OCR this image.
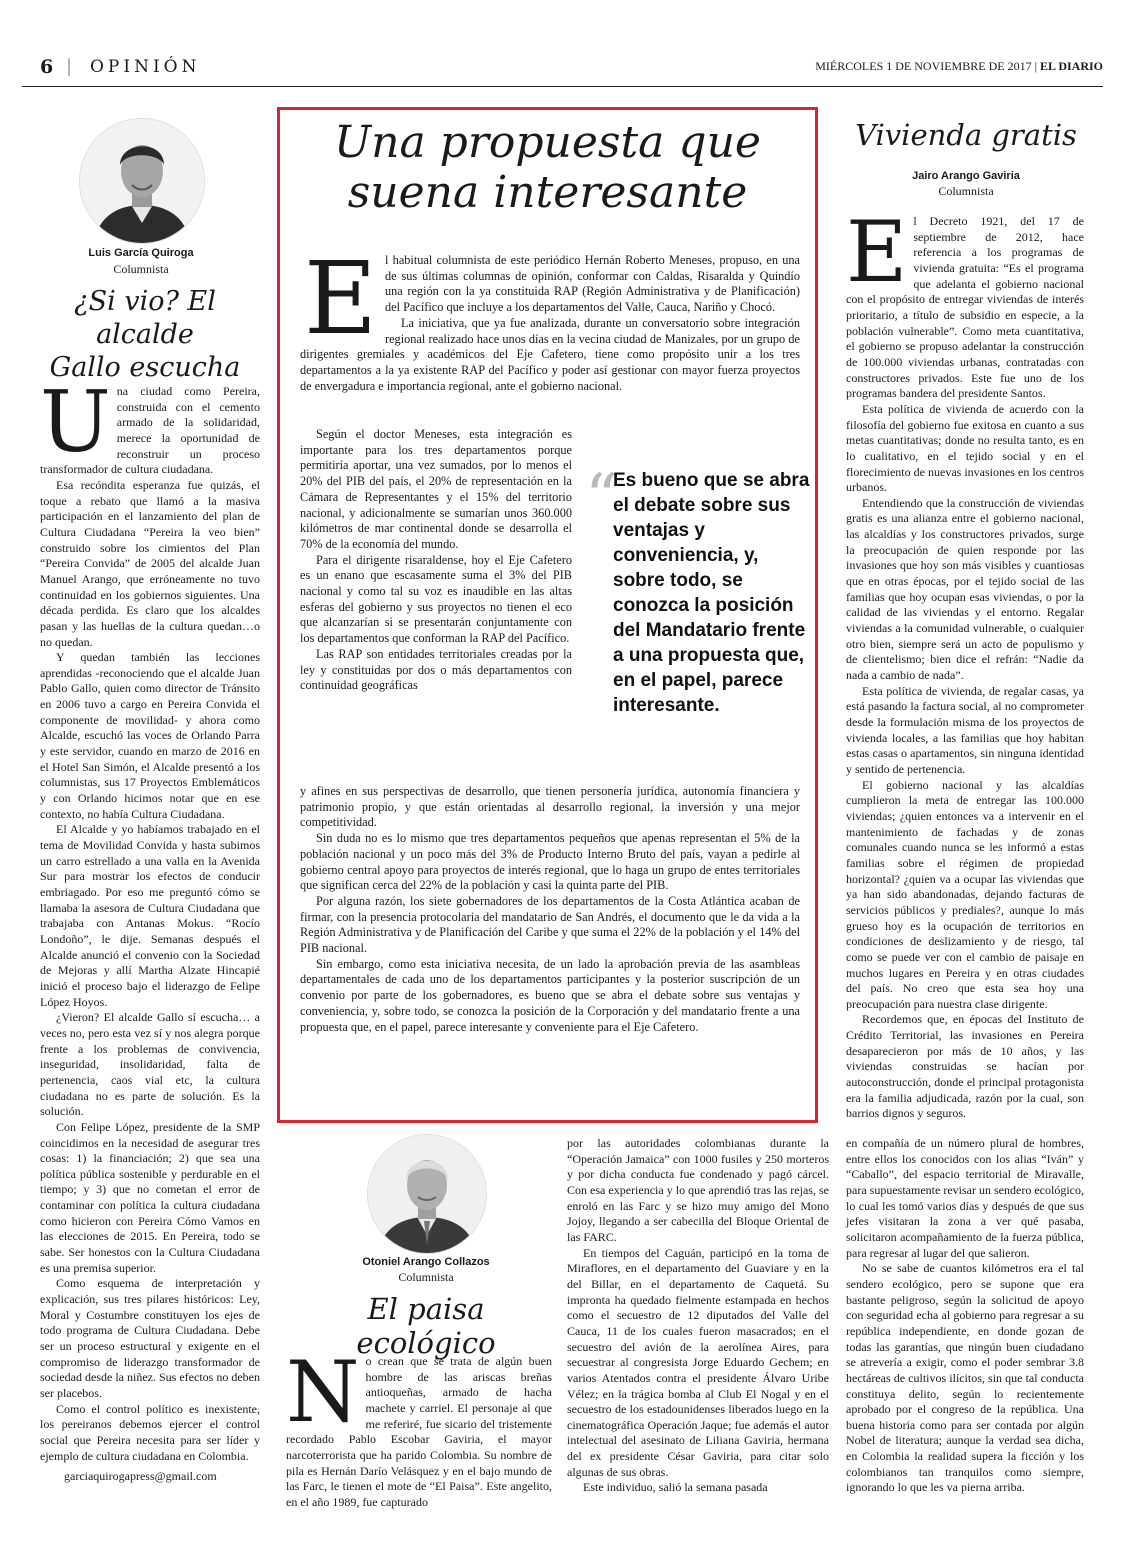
6 | OPINIÓN	MIÉRCOLES 1 DE NOVIEMBRE DE 2017 | EL DIARIO
Luis García Quiroga
Columnista
¿Si vio? El alcalde
Gallo escucha

Una ciudad como Pereira, construida con el cemento armado de la solidaridad, merece la oportunidad de reconstruir un proceso transformador de cultura ciudadana.

Esa recóndita esperanza fue quizás, el toque a rebato que llamó a la masiva participación en el lanzamiento del plan de Cultura Ciudadana “Pereira la veo bien” construido sobre los cimientos del Plan “Pereira Convida” de 2005 del alcalde Juan Manuel Arango, que erróneamente no tuvo continuidad en los gobiernos siguientes. Una década perdida. Es claro que los alcaldes pasan y las huellas de la cultura quedan…o no quedan.

Y quedan también las lecciones aprendidas -reconociendo que el alcalde Juan Pablo Gallo, quien como director de Tránsito en 2006 tuvo a cargo en Pereira Convida el componente de movilidad- y ahora como Alcalde, escuchó las voces de Orlando Parra y este servidor, cuando en marzo de 2016 en el Hotel San Simón, el Alcalde presentó a los columnistas, sus 17 Proyectos Emblemáticos y con Orlando hicimos notar que en ese contexto, no había Cultura Ciudadana.

El Alcalde y yo habíamos trabajado en el tema de Movilidad Convida y hasta subimos un carro estrellado a una valla en la Avenida Sur para mostrar los efectos de conducir embriagado. Por eso me preguntó cómo se llamaba la asesora de Cultura Ciudadana que trabajaba con Antanas Mokus. “Rocío Londoño”, le dije. Semanas después el Alcalde anunció el convenio con la Sociedad de Mejoras y allí Martha Alzate Hincapié inició el proceso bajo el liderazgo de Felipe López Hoyos.

¿Vieron? El alcalde Gallo sí escucha… a veces no, pero esta vez sí y nos alegra porque frente a los problemas de convivencia, inseguridad, insolidaridad, falta de pertenencia, caos vial etc, la cultura ciudadana no es parte de solución. Es la solución.

Con Felipe López, presidente de la SMP coincidimos en la necesidad de asegurar tres cosas: 1) la financiación; 2) que sea una política pública sostenible y perdurable en el tiempo; y 3) que no cometan el error de contaminar con política la cultura ciudadana como hicieron con Pereira Cómo Vamos en las elecciones de 2015. En Pereira, todo se sabe. Ser honestos con la Cultura Ciudadana es una premisa superior.

Como esquema de interpretación y explicación, sus tres pilares históricos: Ley, Moral y Costumbre constituyen los ejes de todo programa de Cultura Ciudadana. Debe ser un proceso estructural y exigente en el compromiso de liderazgo transformador de sociedad desde la niñez. Sus efectos no deben ser placebos.

Como el control político es inexistente, los pereiranos debemos ejercer el control social que Pereira necesita para ser líder y ejemplo de cultura ciudadana en Colombia.

garciaquirogapress@gmail.com

Una propuesta que
suena interesante

El habitual columnista de este periódico Hernán Roberto Meneses, propuso, en una de sus últimas columnas de opinión, conformar con Caldas, Risaralda y Quindío una región con la ya constituida RAP (Región Administrativa y de Planificación) del Pacífico que incluye a los departamentos del Valle, Cauca, Nariño y Chocó.

La iniciativa, que ya fue analizada, durante un conversatorio sobre integración regional realizado hace unos días en la vecina ciudad de Manizales, por un grupo de dirigentes gremiales y académicos del Eje Cafetero, tiene como propósito unir a los tres departamentos a la ya existente RAP del Pacífico y poder así gestionar con mayor fuerza proyectos de envergadura e importancia regional, ante el gobierno nacional.

Según el doctor Meneses, esta integración es importante para los tres departamentos porque permitiría aportar, una vez sumados, por lo menos el 20% del PIB del país, el 20% de representación en la Cámara de Representantes y el 15% del territorio nacional, y adicionalmente se sumarían unos 360.000 kilómetros de mar continental donde se desarrolla el 70% de la economía del mundo.

Para el dirigente risaraldense, hoy el Eje Cafetero es un enano que escasamente suma el 3% del PIB nacional y como tal su voz es inaudible en las altas esferas del gobierno y sus proyectos no tienen el eco que alcanzarían si se presentarán conjuntamente con los departamentos que conforman la RAP del Pacífico.

Las RAP son entidades territoriales creadas por la ley y constituidas por dos o más departamentos con continuidad geográficas

“
Es bueno que se abra el debate sobre sus ventajas y conveniencia, y, sobre todo, se conozca la posición del Mandatario frente a una propuesta que, en el papel, parece interesante.

y afines en sus perspectivas de desarrollo, que tienen personería jurídica, autonomía financiera y patrimonio propio, y que están orientadas al desarrollo regional, la inversión y una mejor competitividad.

Sin duda no es lo mismo que tres departamentos pequeños que apenas representan el 5% de la población nacional y un poco más del 3% de Producto Interno Bruto del país, vayan a pedirle al gobierno central apoyo para proyectos de interés regional, que lo haga un grupo de entes territoriales que significan cerca del 22% de la población y casi la quinta parte del PIB.

Por alguna razón, los siete gobernadores de los departamentos de la Costa Atlántica acaban de firmar, con la presencia protocolaria del mandatario de San Andrés, el documento que le da vida a la Región Administrativa y de Planificación del Caribe y que suma el 22% de la población y el 14% del PIB nacional.

Sin embargo, como esta iniciativa necesita, de un lado la aprobación previa de las asambleas departamentales de cada uno de los departamentos participantes y la posterior suscripción de un convenio por parte de los gobernadores, es bueno que se abra el debate sobre sus ventajas y conveniencia, y, sobre todo, se conozca la posición de la Corporación y del mandatario frente a una propuesta que, en el papel, parece interesante y conveniente para el Eje Cafetero.

Vivienda gratis
Jairo Arango Gaviria
Columnista

El Decreto 1921, del 17 de septiembre de 2012, hace referencia a los programas de vivienda gratuita: “Es el programa que adelanta el gobierno nacional con el propósito de entregar viviendas de interés prioritario, a título de subsidio en especie, a la población vulnerable”. Como meta cuantitativa, el gobierno se propuso adelantar la construcción de 100.000 viviendas urbanas, contratadas con constructores privados. Este fue uno de los programas bandera del presidente Santos.

Esta política de vivienda de acuerdo con la filosofía del gobierno fue exitosa en cuanto a sus metas cuantitativas; donde no resulta tanto, es en lo cualitativo, en el tejido social y en el florecimiento de nuevas invasiones en los centros urbanos.

Entendiendo que la construcción de viviendas gratis es una alianza entre el gobierno nacional, las alcaldías y los constructores privados, surge la preocupación de quien responde por las invasiones que hoy son más visibles y cuantiosas que en otras épocas, por el tejido social de las familias que hoy ocupan esas viviendas, o por la calidad de las viviendas y el entorno. Regalar viviendas a la comunidad vulnerable, o cualquier otro bien, siempre será un acto de populismo y de clientelismo; bien dice el refrán: “Nadie da nada a cambio de nada”.

Esta política de vivienda, de regalar casas, ya está pasando la factura social, al no comprometer desde la formulación misma de los proyectos de vivienda locales, a las familias que hoy habitan estas casas o apartamentos, sin ninguna identidad y sentido de pertenencia.

El gobierno nacional y las alcaldías cumplieron la meta de entregar las 100.000 viviendas; ¿quien entonces va a intervenir en el mantenimiento de fachadas y de zonas comunales cuando nunca se les informó a estas familias sobre el régimen de propiedad horizontal? ¿quien va a ocupar las viviendas que ya han sido abandonadas, dejando facturas de servicios públicos y prediales?, aunque lo más grueso hoy es la ocupación de territorios en condiciones de deslizamiento y de riesgo, tal como se puede ver con el cambio de paisaje en muchos lugares en Pereira y en otras ciudades del país. No creo que esta sea hoy una preocupación para nuestra clase dirigente.

Recordemos que, en épocas del Instituto de Crédito Territorial, las invasiones en Pereira desaparecieron por más de 10 años, y las viviendas construidas se hacían por autoconstrucción, donde el principal protagonista era la familia adjudicada, razón por la cual, son barrios dignos y seguros.

Otoniel Arango Collazos
Columnista
El paisa ecológico

No crean que se trata de algún buen hombre de las ariscas breñas antioqueñas, armado de hacha machete y carriel. El personaje al que me referiré, fue sicario del tristemente recordado Pablo Escobar Gaviria, el mayor narcoterrorista que ha parido Colombia. Su nombre de pila es Hernán Darío Velásquez y en el bajo mundo de las Farc, le tienen el mote de “El Paisa”. Este angelito, en el año 1989, fue capturado

por las autoridades colombianas durante la “Operación Jamaica” con 1000 fusiles y 250 morteros y por dicha conducta fue condenado y pagó cárcel. Con esa experiencia y lo que aprendió tras las rejas, se enroló en las Farc y se hizo muy amigo del Mono Jojoy, llegando a ser cabecilla del Bloque Oriental de las FARC.

En tiempos del Caguán, participó en la toma de Miraflores, en el departamento del Guaviare y en la del Billar, en el departamento de Caquetá. Su impronta ha quedado fielmente estampada en hechos como el secuestro de 12 diputados del Valle del Cauca, 11 de los cuales fueron masacrados; en el secuestro del avión de la aerolínea Aires, para secuestrar al congresista Jorge Eduardo Gechem; en varios Atentados contra el presidente Álvaro Uribe Vélez; en la trágica bomba al Club El Nogal y en el secuestro de los estadounidenses liberados luego en la cinematográfica Operación Jaque; fue además el autor intelectual del asesinato de Liliana Gaviria, hermana del ex presidente César Gaviria, para citar solo algunas de sus obras.

Este individuo, salió la semana pasada

en compañía de un número plural de hombres, entre ellos los conocidos con los alias “Iván” y “Caballo”, del espacio territorial de Miravalle, para supuestamente revisar un sendero ecológico, lo cual les tomó varios días y después de que sus jefes visitaran la zona a ver qué pasaba, solicitaron acompañamiento de la fuerza pública, para regresar al lugar del que salieron.

No se sabe de cuantos kilómetros era el tal sendero ecológico, pero se supone que era bastante peligroso, según la solicitud de apoyo con seguridad echa al gobierno para regresar a su república independiente, en donde gozan de todas las garantías, que ningún buen ciudadano se atrevería a exigir, como el poder sembrar 3.8 hectáreas de cultivos ilícitos, sin que tal conducta constituya delito, según lo recientemente aprobado por el congreso de la república. Una buena historia como para ser contada por algún Nobel de literatura; aunque la verdad sea dicha, en Colombia la realidad supera la ficción y los colombianos tan tranquilos como siempre, ignorando lo que les va pierna arriba.
